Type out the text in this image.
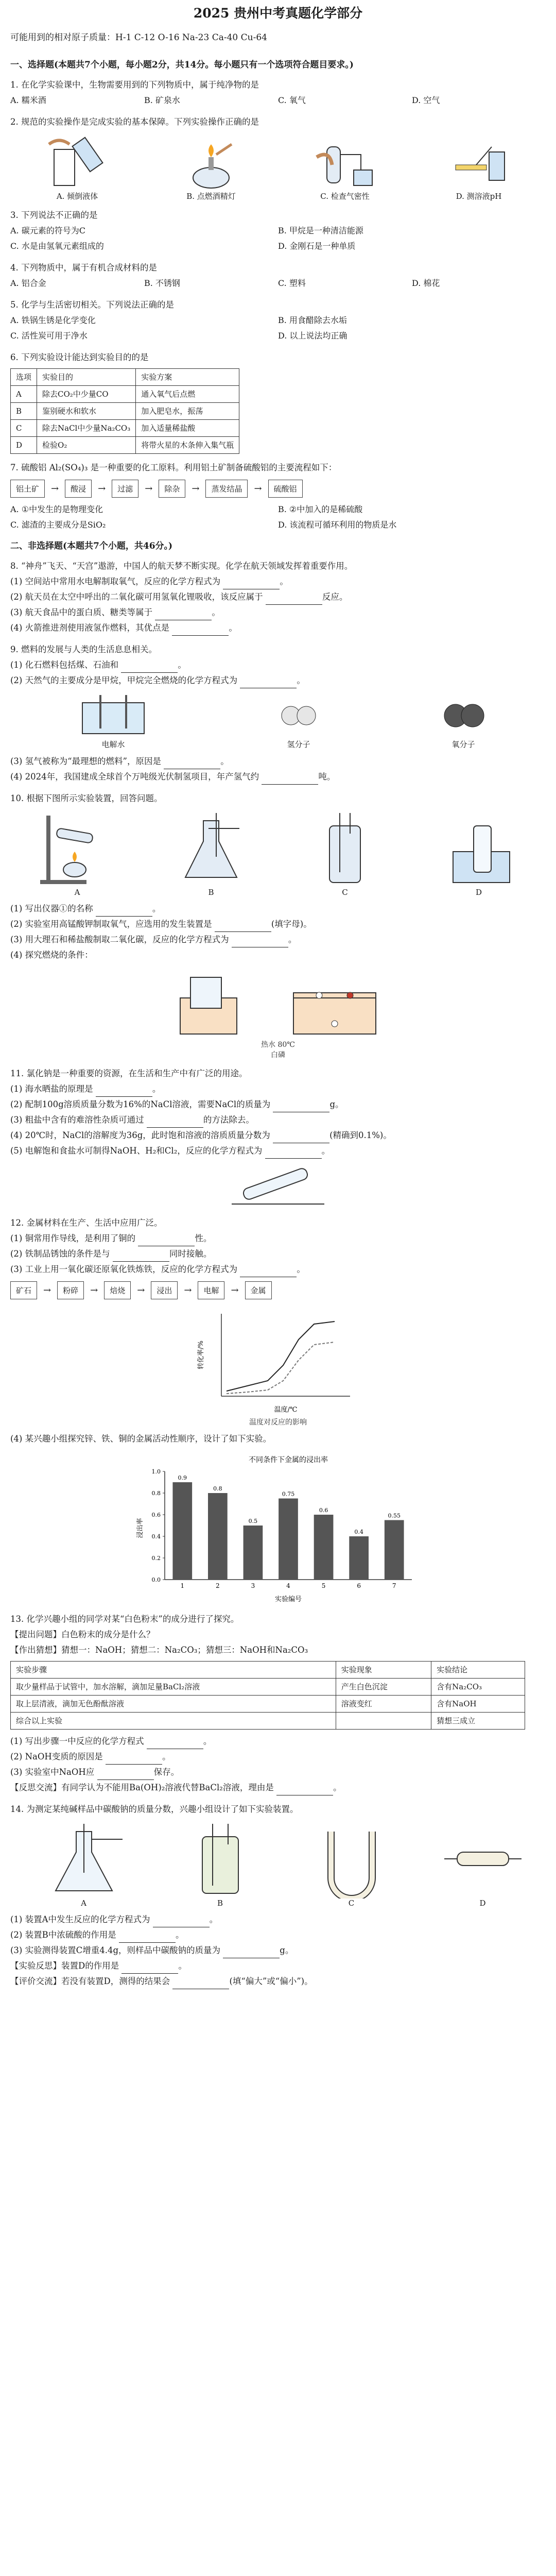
2025 贵州中考真题化学部分
可能用到的相对原子质量：H-1 C-12 O-16 Na-23 Ca-40 Cu-64
一、选择题(本题共7个小题，每小题2分，共14分。每小题只有一个选项符合题目要求。)

1. 在化学实验课中，生物需要用到的下列物质中，属于纯净物的是

A. 糯米酒	B. 矿泉水	C. 氧气	D. 空气

2. 规范的实验操作是完成实验的基本保障。下列实验操作正确的是

A. 倾倒液体	B. 点燃酒精灯	C. 检查气密性	D. 测溶液pH

3. 下列说法不正确的是

A. 碳元素的符号为C	B. 甲烷是一种清洁能源
C. 水是由氢氧元素组成的	D. 金刚石是一种单质

4. 下列物质中，属于有机合成材料的是

A. 铝合金	B. 不锈钢	C. 塑料	D. 棉花

5. 化学与生活密切相关。下列说法正确的是

A. 铁锅生锈是化学变化	B. 用食醋除去水垢
C. 活性炭可用于净水	D. 以上说法均正确

6. 下列实验设计能达到实验目的的是

选项	实验目的	实验方案
A	除去CO₂中少量CO	通入氧气后点燃
B	鉴别硬水和软水	加入肥皂水，振荡
C	除去NaCl中少量Na₂CO₃	加入适量稀盐酸
D	检验O₂	将带火星的木条伸入集气瓶

7. 硫酸铝 Al₂(SO₄)₃ 是一种重要的化工原料。利用铝土矿制备硫酸铝的主要流程如下：

铝土矿	→	酸浸	→	过滤	→	除杂	→	蒸发结晶	→	硫酸铝
A. ①中发生的是物理变化	B. ②中加入的是稀硫酸
C. 滤渣的主要成分是SiO₂	D. 该流程可循环利用的物质是水
二、非选择题(本题共7个小题，共46分。)

8. “神舟”飞天、“天宫”遨游，中国人的航天梦不断实现。化学在航天领域发挥着重要作用。

(1) 空间站中常用水电解制取氧气，反应的化学方程式为	。

(2) 航天员在太空中呼出的二氧化碳可用氢氧化锂吸收，该反应属于	反应。

(3) 航天食品中的蛋白质、糖类等属于	。

(4) 火箭推进剂使用液氢作燃料，其优点是	。

9. 燃料的发展与人类的生活息息相关。

(1) 化石燃料包括煤、石油和	。

(2) 天然气的主要成分是甲烷，甲烷完全燃烧的化学方程式为	。

电解水	氢分子	氧分子

(3) 氢气被称为“最理想的燃料”，原因是	。

(4) 2024年，我国建成全球首个万吨级光伏制氢项目，年产氢气约	吨。

10. 根据下图所示实验装置，回答问题。

A	B	C	D

(1) 写出仪器①的名称	。

(2) 实验室用高锰酸钾制取氧气，应选用的发生装置是	(填字母)。

(3) 用大理石和稀盐酸制取二氧化碳，反应的化学方程式为	。

(4) 探究燃烧的条件：

热水 80℃
白磷

11. 氯化钠是一种重要的资源，在生活和生产中有广泛的用途。

(1) 海水晒盐的原理是	。

(2) 配制100g溶质质量分数为16%的NaCl溶液，需要NaCl的质量为	g。

(3) 粗盐中含有的难溶性杂质可通过	的方法除去。

(4) 20℃时，NaCl的溶解度为36g，此时饱和溶液的溶质质量分数为	(精确到0.1%)。

(5) 电解饱和食盐水可制得NaOH、H₂和Cl₂，反应的化学方程式为	。

12. 金属材料在生产、生活中应用广泛。

(1) 铜常用作导线，是利用了铜的	性。

(2) 铁制品锈蚀的条件是与	同时接触。

(3) 工业上用一氧化碳还原氧化铁炼铁，反应的化学方程式为	。

矿石	→	粉碎	→	焙烧	→	浸出	→	电解	→	金属
温度/℃
转化率/%
温度对反应的影响

(4) 某兴趣小组探究锌、铁、铜的金属活动性顺序，设计了如下实验。

不同条件下金属的浸出率
实验编号
浸出率
0.0
0.2
0.4
0.6
0.8
1.0
0.9
1
0.8
2
0.5
3
0.75
4
0.6
5
0.4
6
0.55
7

13. 化学兴趣小组的同学对某“白色粉末”的成分进行了探究。

【提出问题】白色粉末的成分是什么？

【作出猜想】猜想一：NaOH；猜想二：Na₂CO₃；猜想三：NaOH和Na₂CO₃

实验步骤	实验现象	实验结论
取少量样品于试管中，加水溶解，滴加足量BaCl₂溶液	产生白色沉淀	含有Na₂CO₃
取上层清液，滴加无色酚酞溶液	溶液变红	含有NaOH
综合以上实验		猜想三成立

(1) 写出步骤一中反应的化学方程式	。

(2) NaOH变质的原因是	。

(3) 实验室中NaOH应	保存。

【反思交流】有同学认为不能用Ba(OH)₂溶液代替BaCl₂溶液，理由是	。

14. 为测定某纯碱样品中碳酸钠的质量分数，兴趣小组设计了如下实验装置。

A	B	C	D

(1) 装置A中发生反应的化学方程式为	。

(2) 装置B中浓硫酸的作用是	。

(3) 实验测得装置C增重4.4g，则样品中碳酸钠的质量为	g。

【实验反思】装置D的作用是	。

【评价交流】若没有装置D，测得的结果会	(填“偏大”或“偏小”)。
